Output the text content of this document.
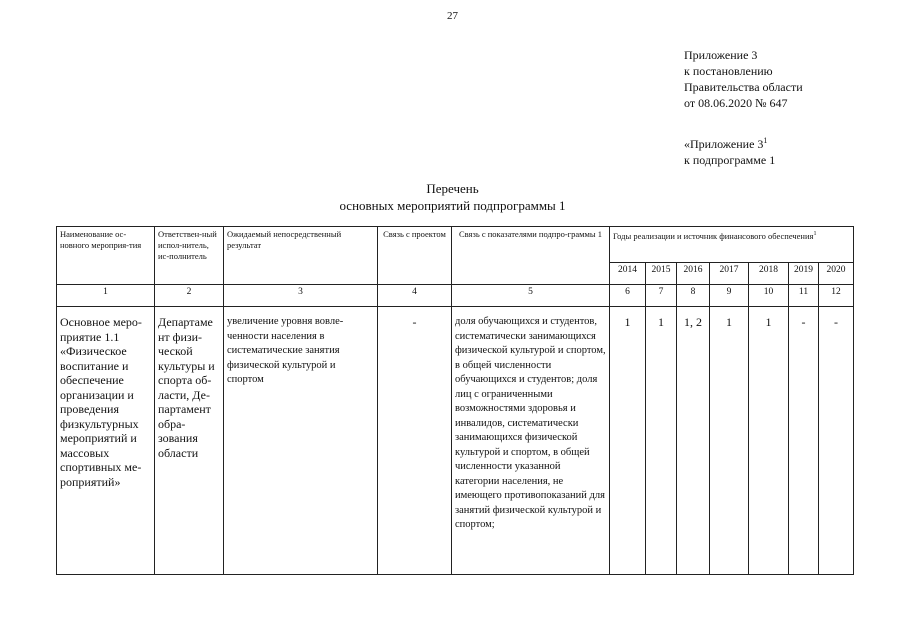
27
Приложение 3
к постановлению
Правительства области
от 08.06.2020 № 647
«Приложение $3^1$
к подпрограмме 1
Перечень
основных мероприятий подпрограммы 1
Наименование ос-новного мероприя-тия	Ответствен-ный испол-нитель, ис-полнитель	Ожидаемый непосредственный результат	Связь с проектом	Связь с показателями подпро-граммы 1	Годы реализации и источник финансового обеспечения$^1$
					2014	2015	2016	2017	2018	2019	2020
1	2	3	4	5	6	7	8	9	10	11	12
Основное меро-приятие 1.1 «Физическое воспитание и обеспечение организации и проведения физкультурных мероприятий и массовых спортивных ме-роприятий»	Департаме нт физи-ческой культуры и спорта об-ласти, Де-партамент обра-зования области	увеличение уровня вовле-ченности населения в систематические занятия физической культурой и спортом	-	доля обучающихся и студентов, систематически занимающихся физической культурой и спортом, в общей численности обучающихся и студентов; доля лиц с ограниченными возможностями здоровья и инвалидов, систематически занимающихся физической культурой и спортом, в общей численности указанной категории населения, не имеющего противопоказаний для занятий физической культурой и спортом;	1	1	1, 2	1	1	-	-
